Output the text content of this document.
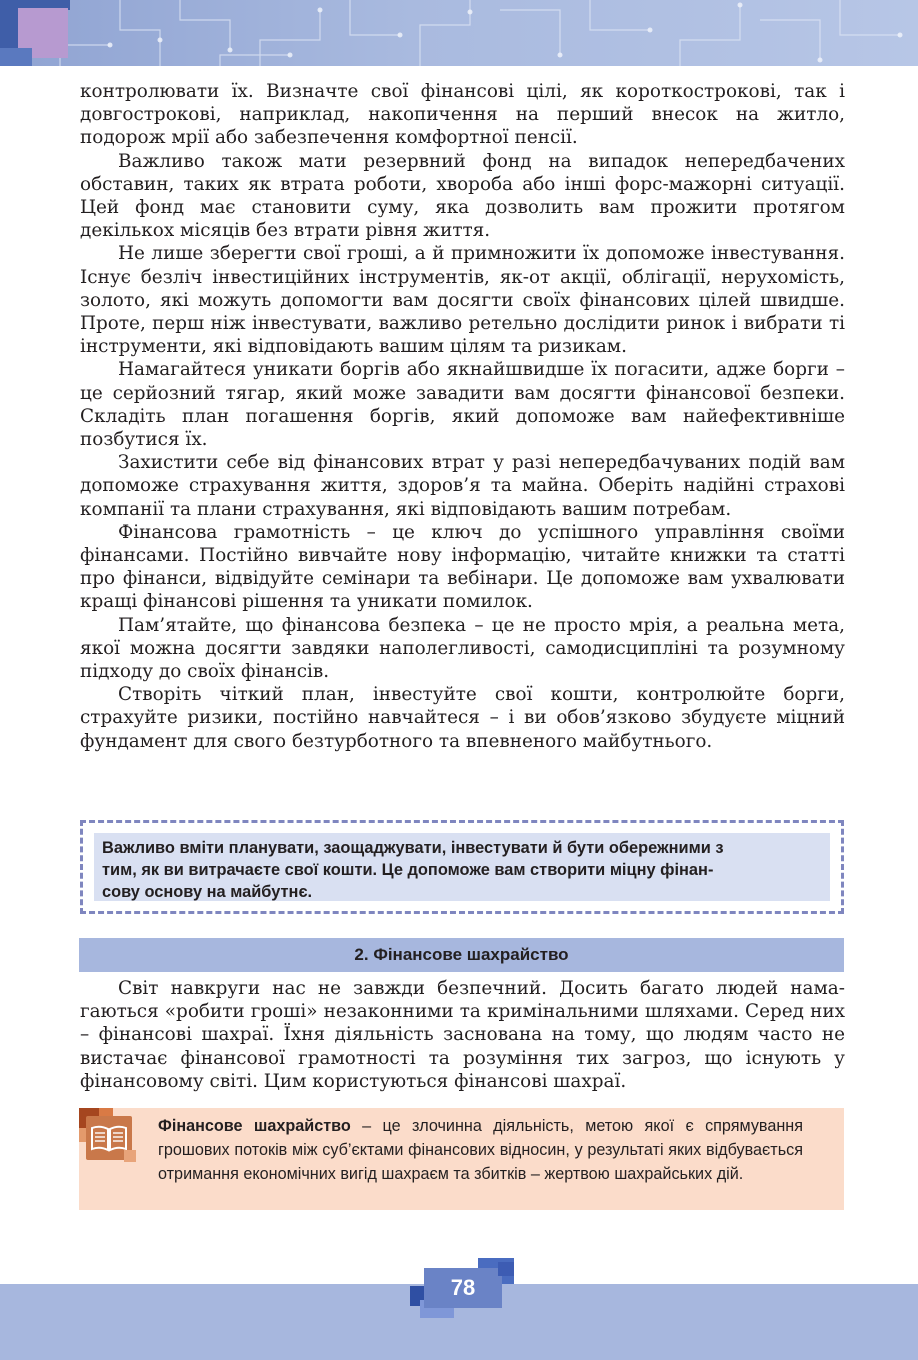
контролювати їх. Визначте свої фінансові цілі, як короткострокові, так і довгострокові, наприклад, накопичення на перший внесок на житло, подорож мрії або забезпечення комфортної пенсії.

Важливо також мати резервний фонд на випадок непередбачених обставин, таких як втрата роботи, хвороба або інші форс-мажорні ситуації. Цей фонд має становити суму, яка дозволить вам прожити протягом декількох місяців без втрати рівня життя.

Не лише зберегти свої гроші, а й примножити їх допоможе інвестування. Існує безліч інвестиційних інструментів, як-от акції, облігації, нерухомість, золото, які можуть допомогти вам досягти своїх фінансових цілей швидше. Проте, перш ніж інвестувати, важливо ретельно дослідити ринок і вибрати ті інструменти, які відповідають вашим цілям та ризикам.

Намагайтеся уникати боргів або якнайшвидше їх погасити, адже борги – це серйозний тягар, який може завадити вам досягти фінансової безпеки. Складіть план погашення боргів, який допоможе вам найефективніше позбутися їх.

Захистити себе від фінансових втрат у разі непередбачуваних подій вам допоможе страхування життя, здоров’я та майна. Оберіть надійні страхові компанії та плани страхування, які відповідають вашим потребам.

Фінансова грамотність – це ключ до успішного управління своїми фінансами. Постійно вивчайте нову інформацію, читайте книжки та статті про фінанси, відвідуйте семінари та вебінари. Це допоможе вам ухвалювати кращі фінансові рішення та уникати помилок.

Пам’ятайте, що фінансова безпека – це не просто мрія, а реальна мета, якої можна досягти завдяки наполегливості, самодисципліні та розумному підходу до своїх фінансів.

Створіть чіткий план, інвестуйте свої кошти, контролюйте борги, страхуйте ризики, постійно навчайтеся – і ви обов’язково збудуєте міцний фундамент для свого безтурботного та впевненого майбутнього.

Важливо вміти планувати, заощаджувати, інвестувати й бути обережними з
тим, як ви витрачаєте свої кошти. Це допоможе вам створити міцну фінан-
сову основу на майбутнє.
2. Фінансове шахрайство

Світ навкруги нас не завжди безпечний. Досить багато людей намагаються «робити гроші» незаконними та кримінальними шляхами. Серед них – фінансові шахраї. Їхня діяльність заснована на тому, що людям часто не вистачає фінансової грамотності та розуміння тих загроз, що існують у фінансовому світі. Цим користуються фінансові шахраї.

Фінансове шахрайство – це злочинна діяльність, метою якої є спрямування грошових потоків між суб’єктами фінансових відносин, у результаті яких відбувається отримання економічних вигід шахраєм та збитків – жертвою шахрайських дій.
78
